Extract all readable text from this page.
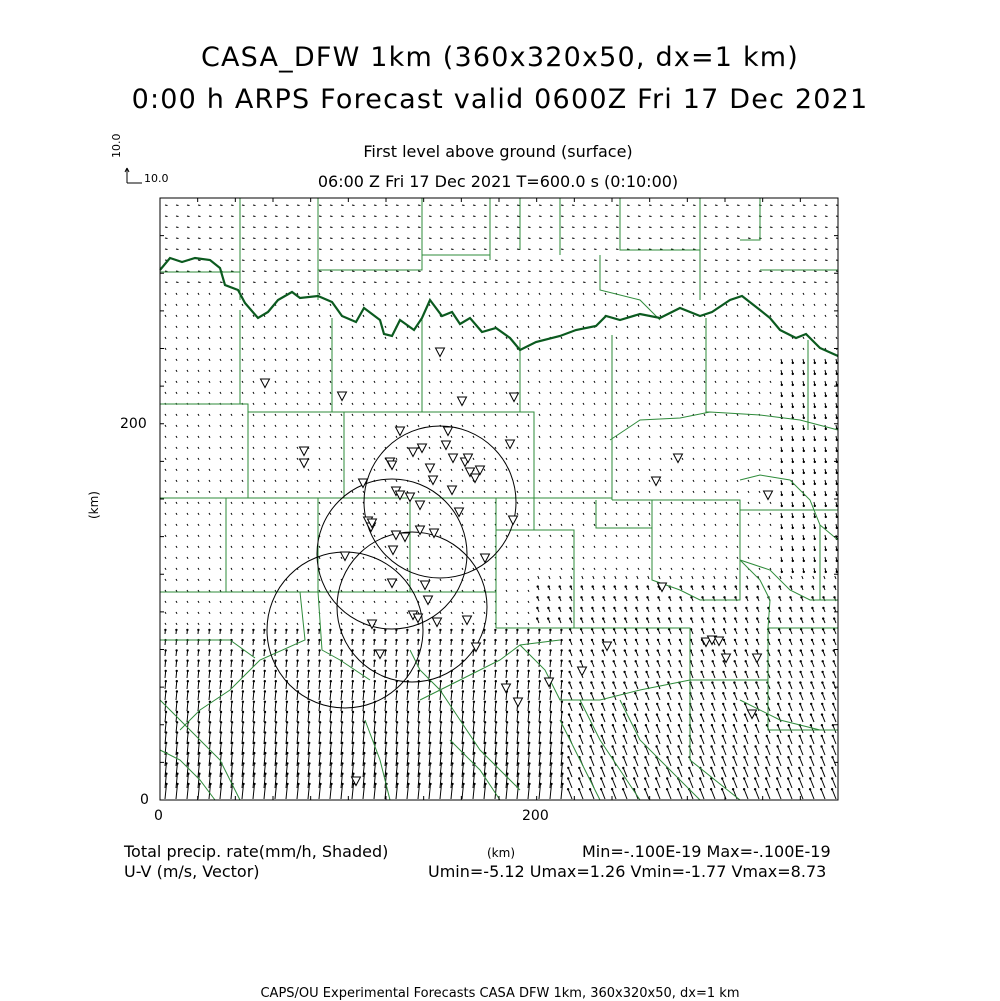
CASA_DFW 1km (360x320x50, dx=1 km)
0:00 h ARPS Forecast valid 0600Z Fri 17 Dec 2021
First level above ground (surface)
06:00 Z Fri 17 Dec 2021 T=600.0 s (0:10:00)
10.0
10.0
200
0
0	200
(km)
(km)
Total precip. rate(mm/h, Shaded)
U-V (m/s, Vector)
Min=-.100E-19 Max=-.100E-19
Umin=-5.12 Umax=1.26 Vmin=-1.77 Vmax=8.73
CAPS/OU Experimental Forecasts CASA DFW 1km, 360x320x50, dx=1 km
